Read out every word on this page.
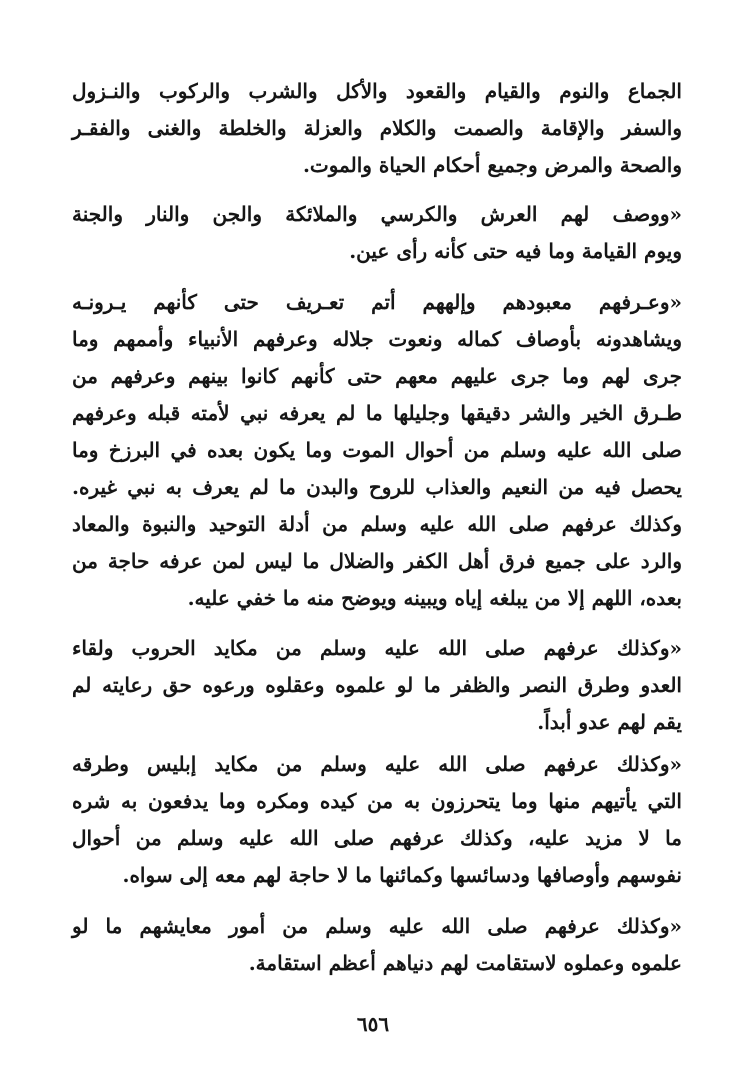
الجماع والنوم والقيام والقعود والأكل والشرب والركوب والنـزول
والسفر والإقامة والصمت والكلام والعزلة والخلطة والغنى والفقـر
والصحة والمرض وجميع أحكام الحياة والموت.
«ووصف لهم العرش والكرسي والملائكة والجن والنار والجنة
ويوم القيامة وما فيه حتى كأنه رأى عين.
«وعـرفهم معبودهم وإلههم أتم تعـريف حتى كأنهم يـرونـه
ويشاهدونه بأوصاف كماله ونعوت جلاله وعرفهم الأنبياء وأممهم وما
جرى لهم وما جرى عليهم معهم حتى كأنهم كانوا بينهم وعرفهم من
طـرق الخير والشر دقيقها وجليلها ما لم يعرفه نبي لأمته قبله وعرفهم
صلى الله عليه وسلم من أحوال الموت وما يكون بعده في البرزخ وما
يحصل فيه من النعيم والعذاب للروح والبدن ما لم يعرف به نبي غيره.
وكذلك عرفهم صلى الله عليه وسلم من أدلة التوحيد والنبوة والمعاد
والرد على جميع فرق أهل الكفر والضلال ما ليس لمن عرفه حاجة من
بعده، اللهم إلا من يبلغه إياه ويبينه ويوضح منه ما خفي عليه.
«وكذلك عرفهم صلى الله عليه وسلم من مكايد الحروب ولقاء
العدو وطرق النصر والظفر ما لو علموه وعقلوه ورعوه حق رعايته لم
يقم لهم عدو أبداً.
«وكذلك عرفهم صلى الله عليه وسلم من مكايد إبليس وطرقه
التي يأتيهم منها وما يتحرزون به من كيده ومكره وما يدفعون به شره
ما لا مزيد عليه، وكذلك عرفهم صلى الله عليه وسلم من أحوال
نفوسهم وأوصافها ودسائسها وكمائنها ما لا حاجة لهم معه إلى سواه.
«وكذلك عرفهم صلى الله عليه وسلم من أمور معايشهم ما لو
علموه وعملوه لاستقامت لهم دنياهم أعظم استقامة.
٦٥٦
